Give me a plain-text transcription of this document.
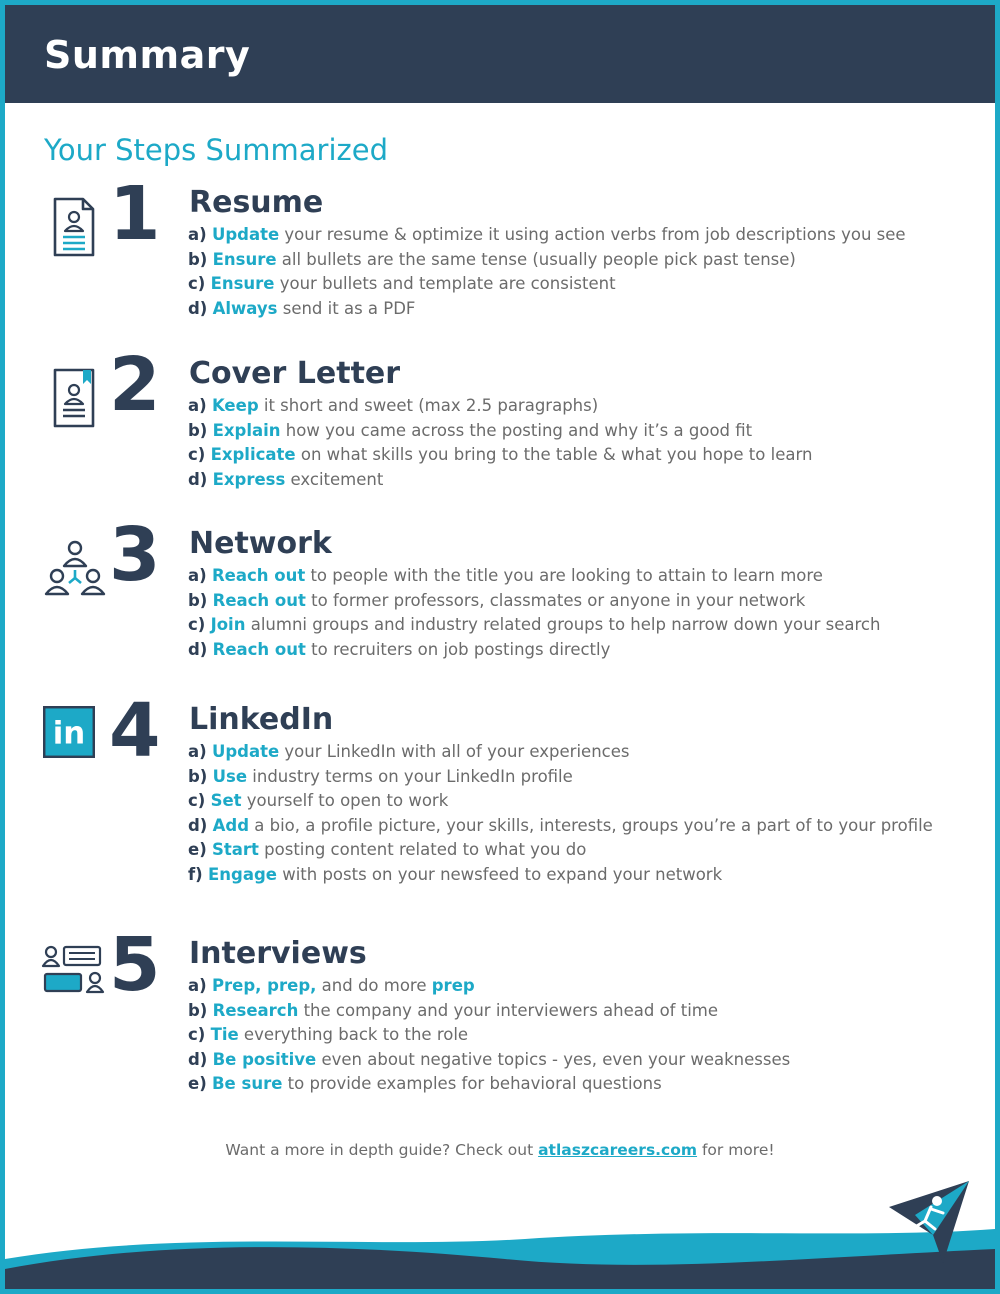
Summary
Your Steps Summarized
1 Resume
a) Update your resume & optimize it using action verbs from job descriptions you see
b) Ensure all bullets are the same tense (usually people pick past tense)
c) Ensure your bullets and template are consistent
d) Always send it as a PDF
2 Cover Letter
a) Keep it short and sweet (max 2.5 paragraphs)
b) Explain how you came across the posting and why it’s a good fit
c) Explicate on what skills you bring to the table & what you hope to learn
d) Express excitement
3 Network
a) Reach out to people with the title you are looking to attain to learn more
b) Reach out to former professors, classmates or anyone in your network
c) Join alumni groups and industry related groups to help narrow down your search
d) Reach out to recruiters on job postings directly
in 4 LinkedIn
a) Update your LinkedIn with all of your experiences
b) Use industry terms on your LinkedIn profile
c) Set yourself to open to work
d) Add a bio, a profile picture, your skills, interests, groups you’re a part of to your profile
e) Start posting content related to what you do
f) Engage with posts on your newsfeed to expand your network
5 Interviews
a) Prep, prep, and do more prep
b) Research the company and your interviewers ahead of time
c) Tie everything back to the role
d) Be positive even about negative topics - yes, even your weaknesses
e) Be sure to provide examples for behavioral questions
Want a more in depth guide? Check out atlaszcareers.com for more!
